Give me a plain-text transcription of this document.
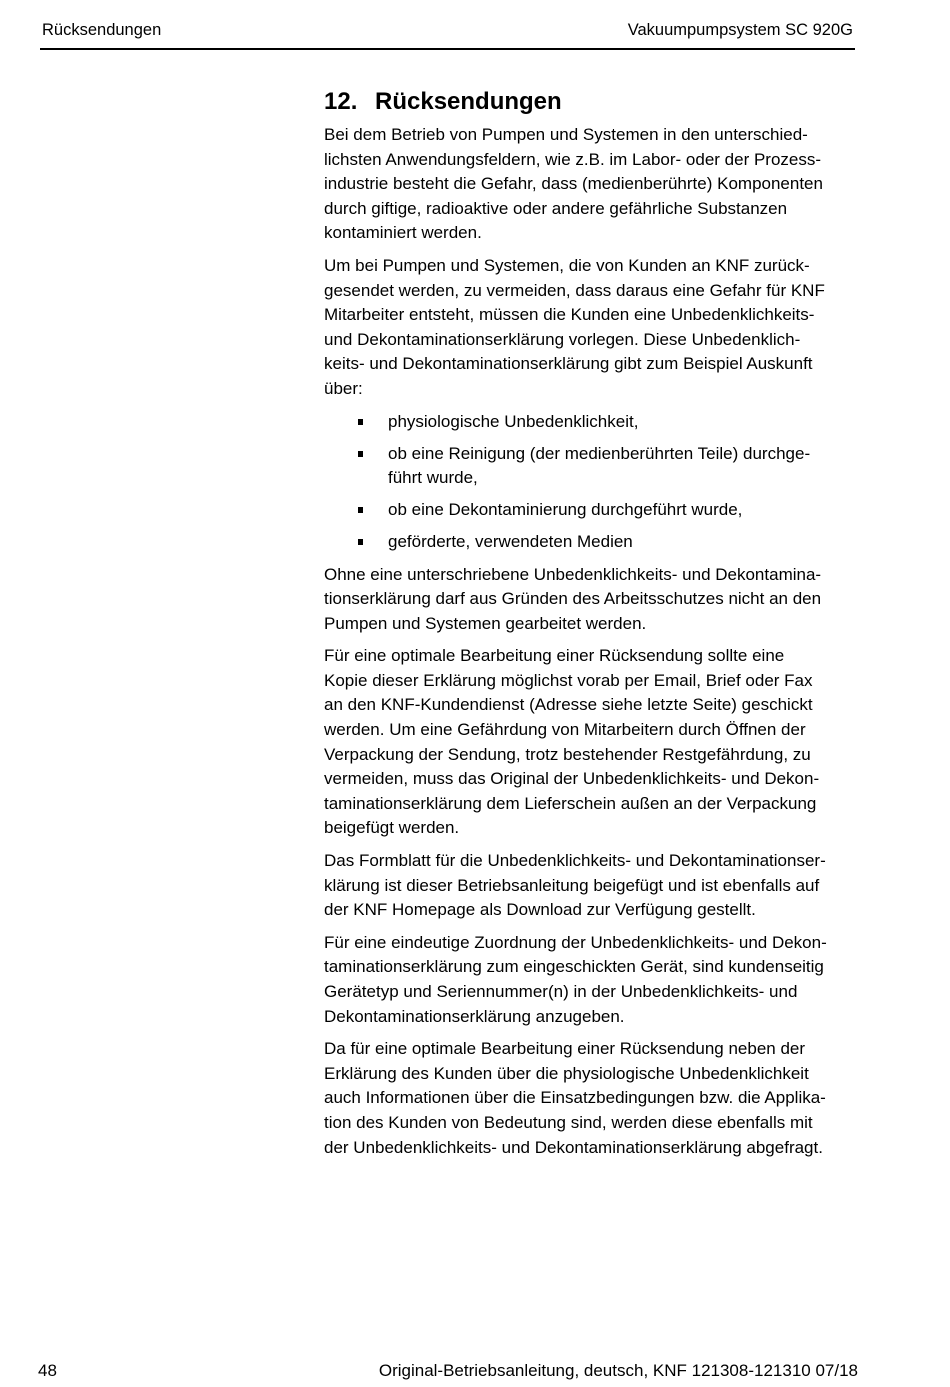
Rücksendungen	Vakuumpumpsystem SC 920G
12. Rücksendungen

Bei dem Betrieb von Pumpen und Systemen in den unterschied-
lichsten Anwendungsfeldern, wie z.B. im Labor- oder der Prozess-
industrie besteht die Gefahr, dass (medienberührte) Komponenten
durch giftige, radioaktive oder andere gefährliche Substanzen
kontaminiert werden.

Um bei Pumpen und Systemen, die von Kunden an KNF zurück-
gesendet werden, zu vermeiden, dass daraus eine Gefahr für KNF
Mitarbeiter entsteht, müssen die Kunden eine Unbedenklichkeits-
und Dekontaminationserklärung vorlegen. Diese Unbedenklich-
keits- und Dekontaminationserklärung gibt zum Beispiel Auskunft
über:

physiologische Unbedenklichkeit,
ob eine Reinigung (der medienberührten Teile) durchge-
führt wurde,
ob eine Dekontaminierung durchgeführt wurde,
geförderte, verwendeten Medien

Ohne eine unterschriebene Unbedenklichkeits- und Dekontamina-
tionserklärung darf aus Gründen des Arbeitsschutzes nicht an den
Pumpen und Systemen gearbeitet werden.

Für eine optimale Bearbeitung einer Rücksendung sollte eine
Kopie dieser Erklärung möglichst vorab per Email, Brief oder Fax
an den KNF-Kundendienst (Adresse siehe letzte Seite) geschickt
werden. Um eine Gefährdung von Mitarbeitern durch Öffnen der
Verpackung der Sendung, trotz bestehender Restgefährdung, zu
vermeiden, muss das Original der Unbedenklichkeits- und Dekon-
taminationserklärung dem Lieferschein außen an der Verpackung
beigefügt werden.

Das Formblatt für die Unbedenklichkeits- und Dekontaminationser-
klärung ist dieser Betriebsanleitung beigefügt und ist ebenfalls auf
der KNF Homepage als Download zur Verfügung gestellt.

Für eine eindeutige Zuordnung der Unbedenklichkeits- und Dekon-
taminationserklärung zum eingeschickten Gerät, sind kundenseitig
Gerätetyp und Seriennummer(n) in der Unbedenklichkeits- und
Dekontaminationserklärung anzugeben.

Da für eine optimale Bearbeitung einer Rücksendung neben der
Erklärung des Kunden über die physiologische Unbedenklichkeit
auch Informationen über die Einsatzbedingungen bzw. die Applika-
tion des Kunden von Bedeutung sind, werden diese ebenfalls mit
der Unbedenklichkeits- und Dekontaminationserklärung abgefragt.

48	Original-Betriebsanleitung, deutsch, KNF 121308-121310 07/18
